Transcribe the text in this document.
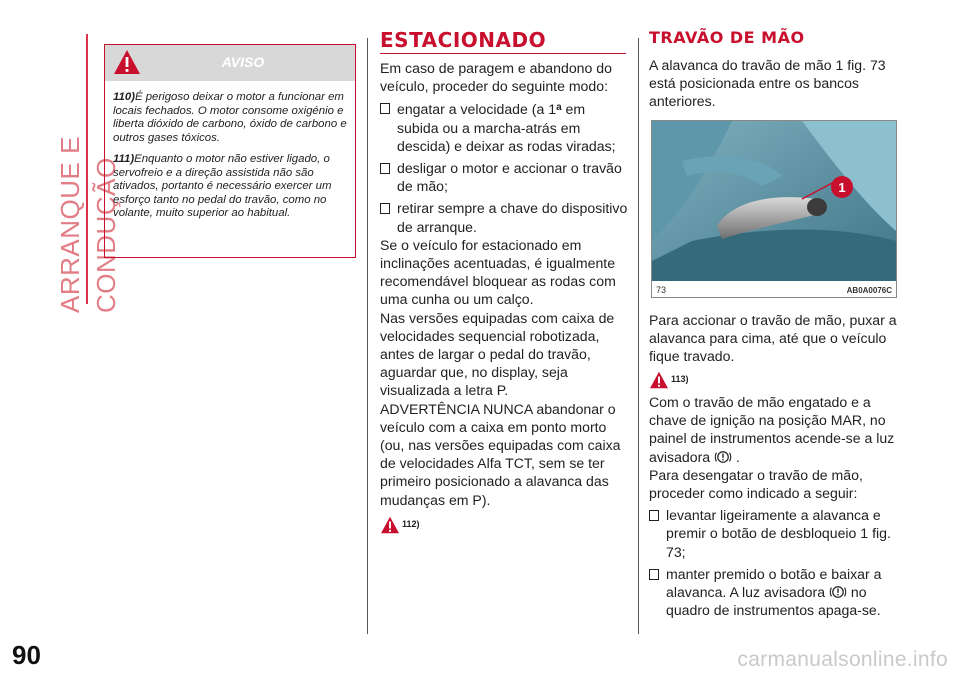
ARRANQUE E CONDUÇÃO
AVISO

110)É perigoso deixar o motor a funcionar em locais fechados. O motor consome oxigénio e liberta dióxido de carbono, óxido de carbono e outros gases tóxicos.

111)Enquanto o motor não estiver ligado, o servofreio e a direção assistida não são ativados, portanto é necessário exercer um esforço tanto no pedal do travão, como no volante, muito superior ao habitual.

ESTACIONADO

Em caso de paragem e abandono do veículo, proceder do seguinte modo:

engatar a velocidade (a 1$^a$ em subida ou a marcha-atrás em descida) e deixar as rodas viradas;
desligar o motor e accionar o travão de mão;
retirar sempre a chave do dispositivo de arranque.

Se o veículo for estacionado em inclinações acentuadas, é igualmente recomendável bloquear as rodas com uma cunha ou um calço.

Nas versões equipadas com caixa de velocidades sequencial robotizada, antes de largar o pedal do travão, aguardar que, no display, seja visualizada a letra P.

ADVERTÊNCIA NUNCA abandonar o veículo com a caixa em ponto morto (ou, nas versões equipadas com caixa de velocidades Alfa TCT, sem se ter primeiro posicionado a alavanca das mudanças em P).

112)
TRAVÃO DE MÃO

A alavanca do travão de mão 1 fig. 73 está posicionada entre os bancos anteriores.

1
73	AB0A0076C

Para accionar o travão de mão, puxar a alavanca para cima, até que o veículo fique travado.

113)

Com o travão de mão engatado e a chave de ignição na posição MAR, no painel de instrumentos acende-se a luz avisadora  .

Para desengatar o travão de mão, proceder como indicado a seguir:

levantar ligeiramente a alavanca e premir o botão de desbloqueio 1 fig. 73;
manter premido o botão e baixar a alavanca. A luz avisadora  no quadro de instrumentos apaga-se.
90	carmanualsonline.info
